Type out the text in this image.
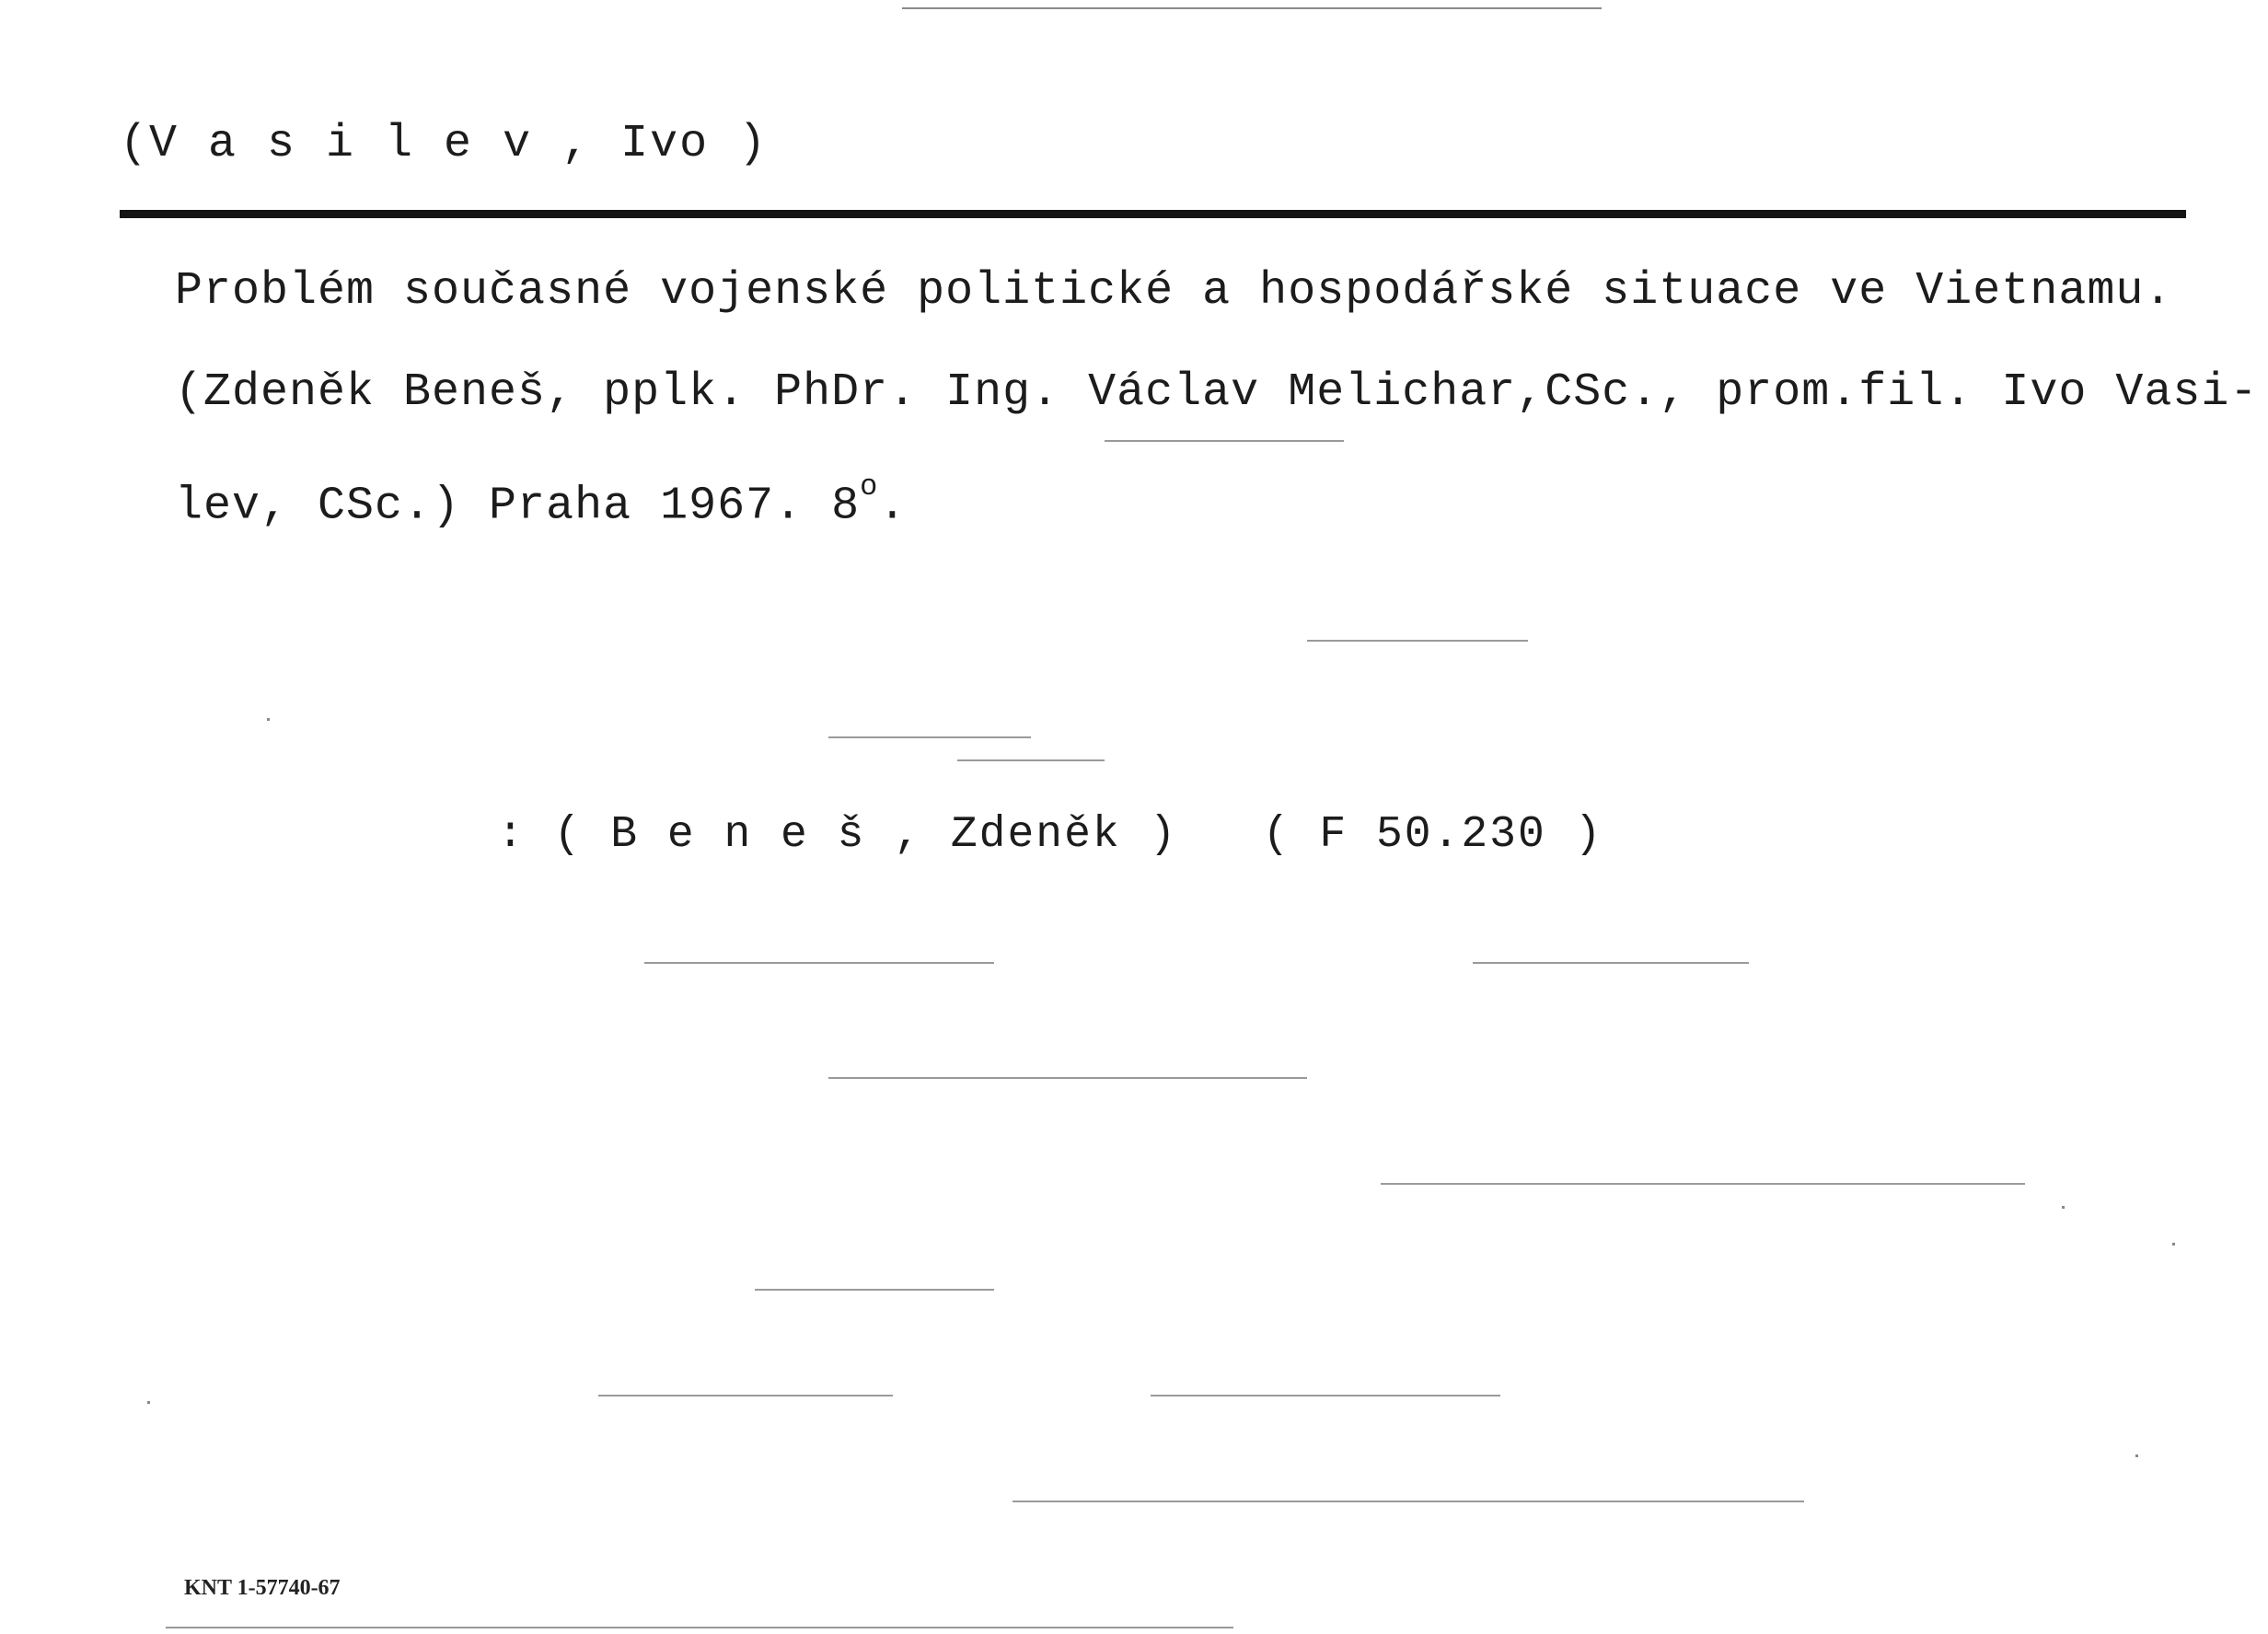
(V a s i l e v , Ivo )
Problém současné vojenské politické a hospodářské situace ve Vietnamu.
(Zdeněk Beneš, pplk. PhDr. Ing. Václav Melichar,CSc., prom.fil. Ivo Vasi-
lev, CSc.) Praha 1967. 8$^o$.
: ( B e n e š , Zdeněk )   ( F 50.230 )
KNT 1-57740-67
